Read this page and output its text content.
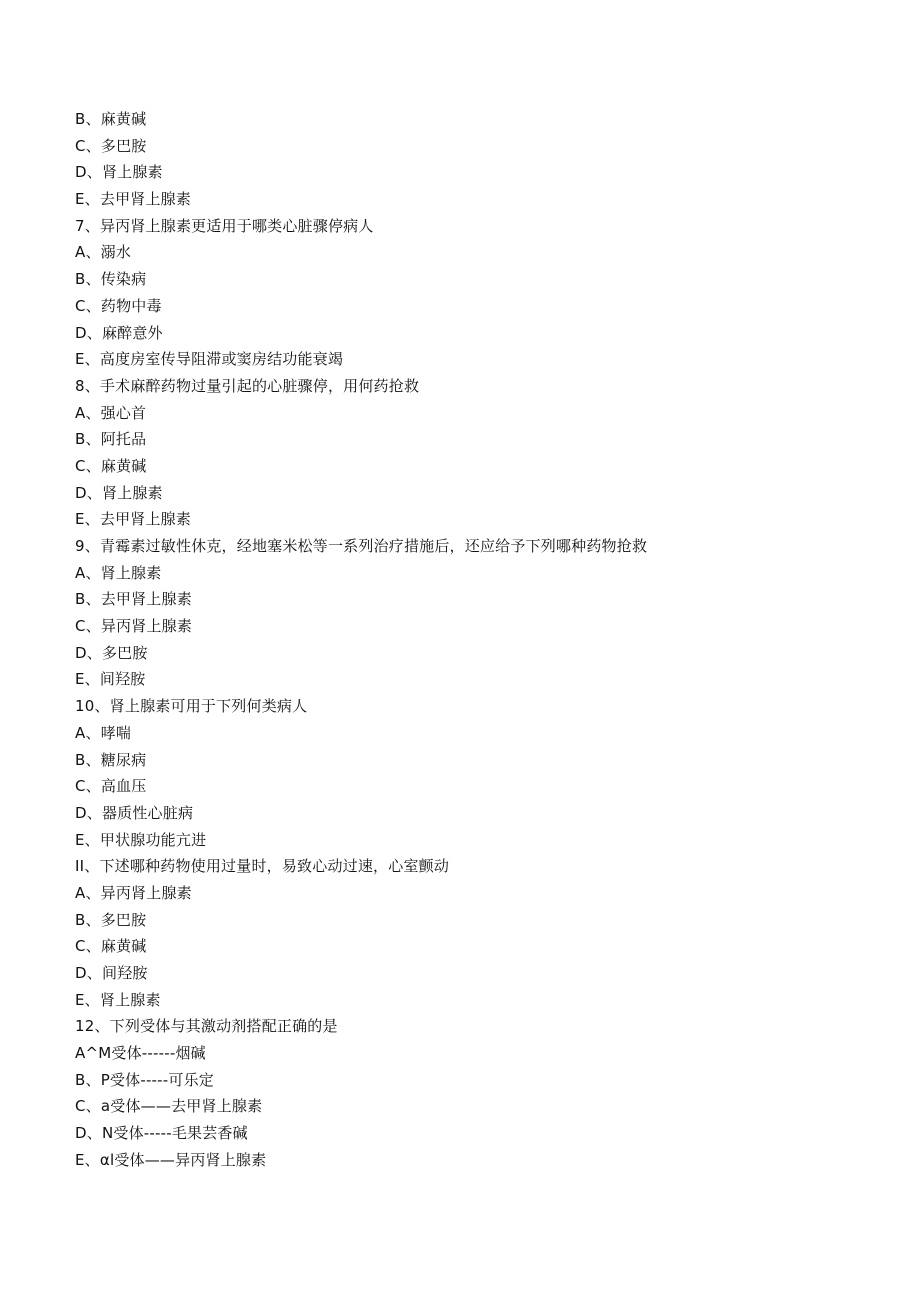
B、麻黄碱
C、多巴胺
D、肾上腺素
E、去甲肾上腺素
7、异丙肾上腺素更适用于哪类心脏骤停病人
A、溺水
B、传染病
C、药物中毒
D、麻醉意外
E、高度房室传导阻滞或窦房结功能衰竭
8、手术麻醉药物过量引起的心脏骤停，用何药抢救
A、强心首
B、阿托品
C、麻黄碱
D、肾上腺素
E、去甲肾上腺素
9、青霉素过敏性休克，经地塞米松等一系列治疗措施后，还应给予下列哪种药物抢救
A、肾上腺素
B、去甲肾上腺素
C、异丙肾上腺素
D、多巴胺
E、间羟胺
10、肾上腺素可用于下列何类病人
A、哮喘
B、糖尿病
C、高血压
D、器质性心脏病
E、甲状腺功能亢进
II、下述哪种药物使用过量时，易致心动过速，心室颤动
A、异丙肾上腺素
B、多巴胺
C、麻黄碱
D、间羟胺
E、肾上腺素
12、下列受体与其激动剂搭配正确的是
A^M受体------烟碱
B、P受体-----可乐定
C、a受体——去甲肾上腺素
D、N受体-----毛果芸香碱
E、αl受体——异丙肾上腺素
